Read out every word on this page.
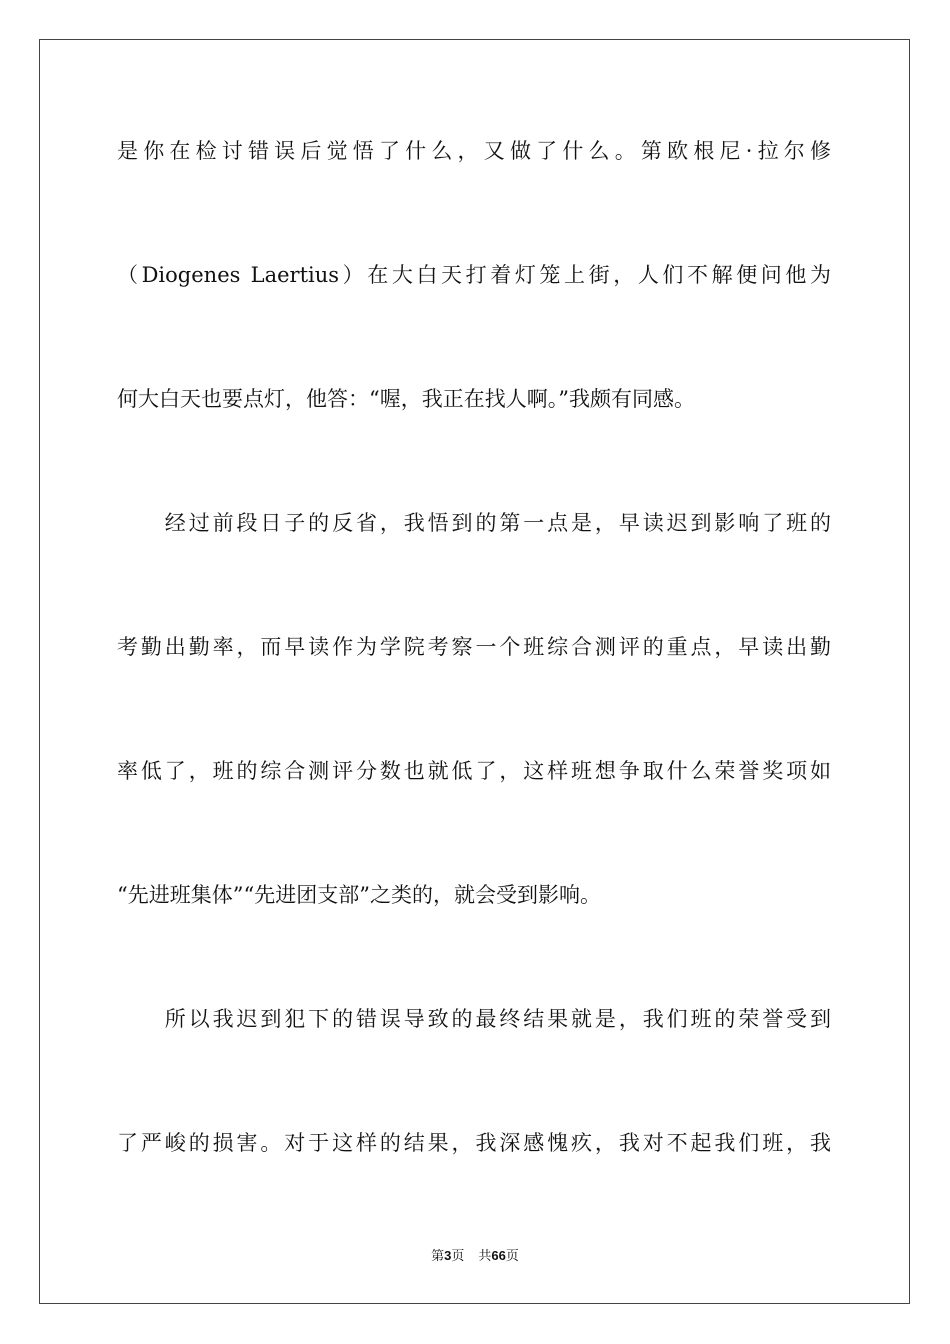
是你在检讨错误后觉悟了什么，又做了什么。第欧根尼·拉尔修
（Diogenes Laertius）在大白天打着灯笼上街，人们不解便问他为
何大白天也要点灯，他答：“喔，我正在找人啊。”我颇有同感。
　　经过前段日子的反省，我悟到的第一点是，早读迟到影响了班的
考勤出勤率，而早读作为学院考察一个班综合测评的重点，早读出勤
率低了，班的综合测评分数也就低了，这样班想争取什么荣誉奖项如
“先进班集体”“先进团支部”之类的，就会受到影响。
　　所以我迟到犯下的错误导致的最终结果就是，我们班的荣誉受到
了严峻的损害。对于这样的结果，我深感愧疚，我对不起我们班，我
第3页 共66页
